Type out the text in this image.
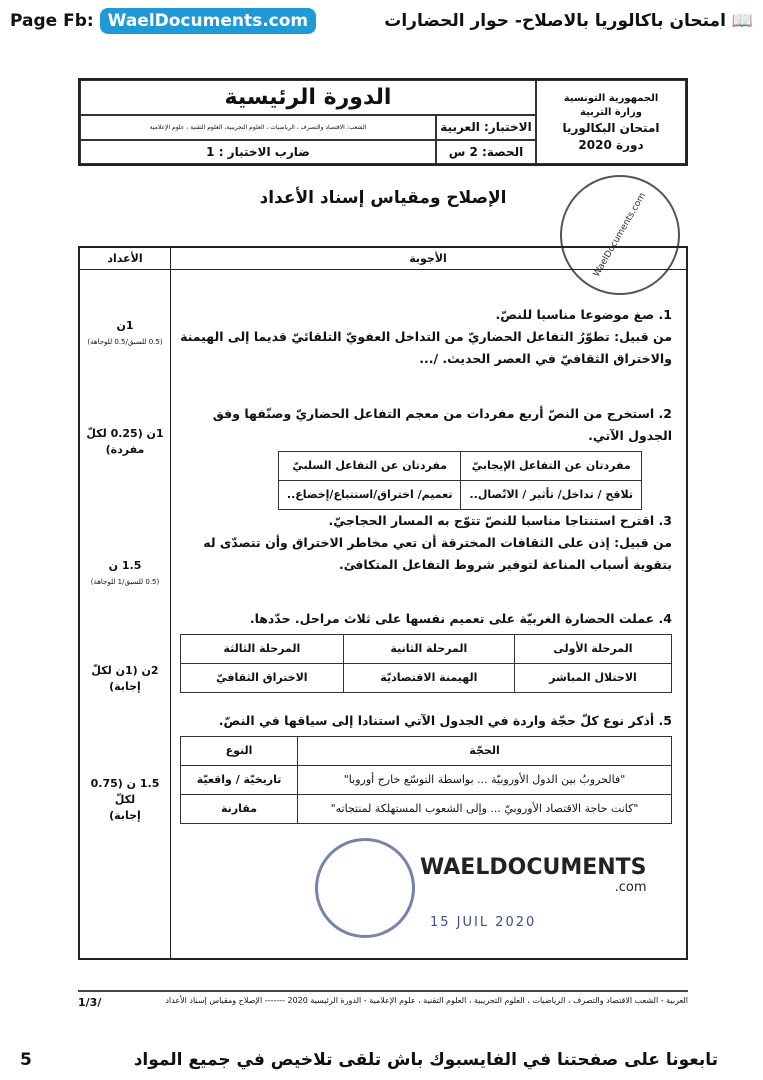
Page Fb: WaelDocuments.com	📖 امتحان باكالوريا بالاصلاح- حوار الحضارات
الدورة الرئيسية	الجمهورية التونسية
وزارة التربية
امتحان البكالوريا
دورة 2020
الشعب: الاقتصاد والتصرف ، الرياضيات ، العلوم التجريبية، العلوم التقنية ، علوم الإعلامية	الاختبار: العربية
ضارب الاختبار : 1	الحصة: 2 س
الإصلاح ومقياس إسناد الأعداد	WaelDocuments.com
الأعداد	الأجوبة
1ن
(0.5 للسبق/0.5 للوجاهة)
1. صغ موضوعا مناسبا للنصّ.
من قبيل: تطوّرُ التفاعل الحضاريّ من التداخل العفويّ التلقائيّ قديما إلى الهيمنة والاختراق الثقافيّ في العصر الحديث. /...
1ن (0.25 لكلّ
مفردة)
2. استخرج من النصّ أربع مفردات من معجم التفاعل الحضاريّ وصنّفها وفق الجدول الآتي.
مفردتان عن التفاعل الإيجابيّ	مفردتان عن التفاعل السلبيّ
تلاقح / تداخل/ تأثير / الاتّصال..	تعميم/ اختراق/استتباع/إخضاع..
1.5 ن
(0.5 للسبق/1 للوجاهة)
3. اقترح استنتاجا مناسبا للنصّ تتوّج به المسار الحجاجيّ.
من قبيل: إذن على الثقافات المخترقة أن تعي مخاطر الاختراق وأن تتصدّى له بتقوية أسباب المناعة لتوفير شروط التفاعل المتكافئ.
2ن (1ن لكلّ
إجابة)
4. عملت الحضارة الغربيّة على تعميم نفسها على ثلاث مراحل. حدّدها.
المرحلة الأولى	المرحلة الثانية	المرحلة الثالثة
الاحتلال المباشر	الهيمنة الاقتصاديّة	الاختراق الثقافيّ
1.5 ن (0.75 لكلّ
إجابة)
5. أذكر نوع كلّ حجّة واردة في الجدول الآتي استنادا إلى سياقها في النصّ.
الحجّة	النوع
"فالحروبُ بين الدول الأوروبيّة ... بواسطة التوسّع خارج أوروبا"	تاريخيّة / واقعيّة
"كانت حاجة الاقتصاد الأوروبيّ ... وإلى الشعوب المستهلكة لمنتجاته"	مقارنة
WAELDOCUMENTS
.com
15 JUIL 2020
العربية - الشعب الاقتصاد والتصرف ، الرياضيات ، العلوم التجريبية ، العلوم التقنية ، علوم الإعلامية - الدورة الرئيسية 2020 ------- الإصلاح ومقياس إسناد الأعداد
1/3/
تابعونا على صفحتنا في الفايسبوك باش تلقى تلاخيص في جميع المواد
5
